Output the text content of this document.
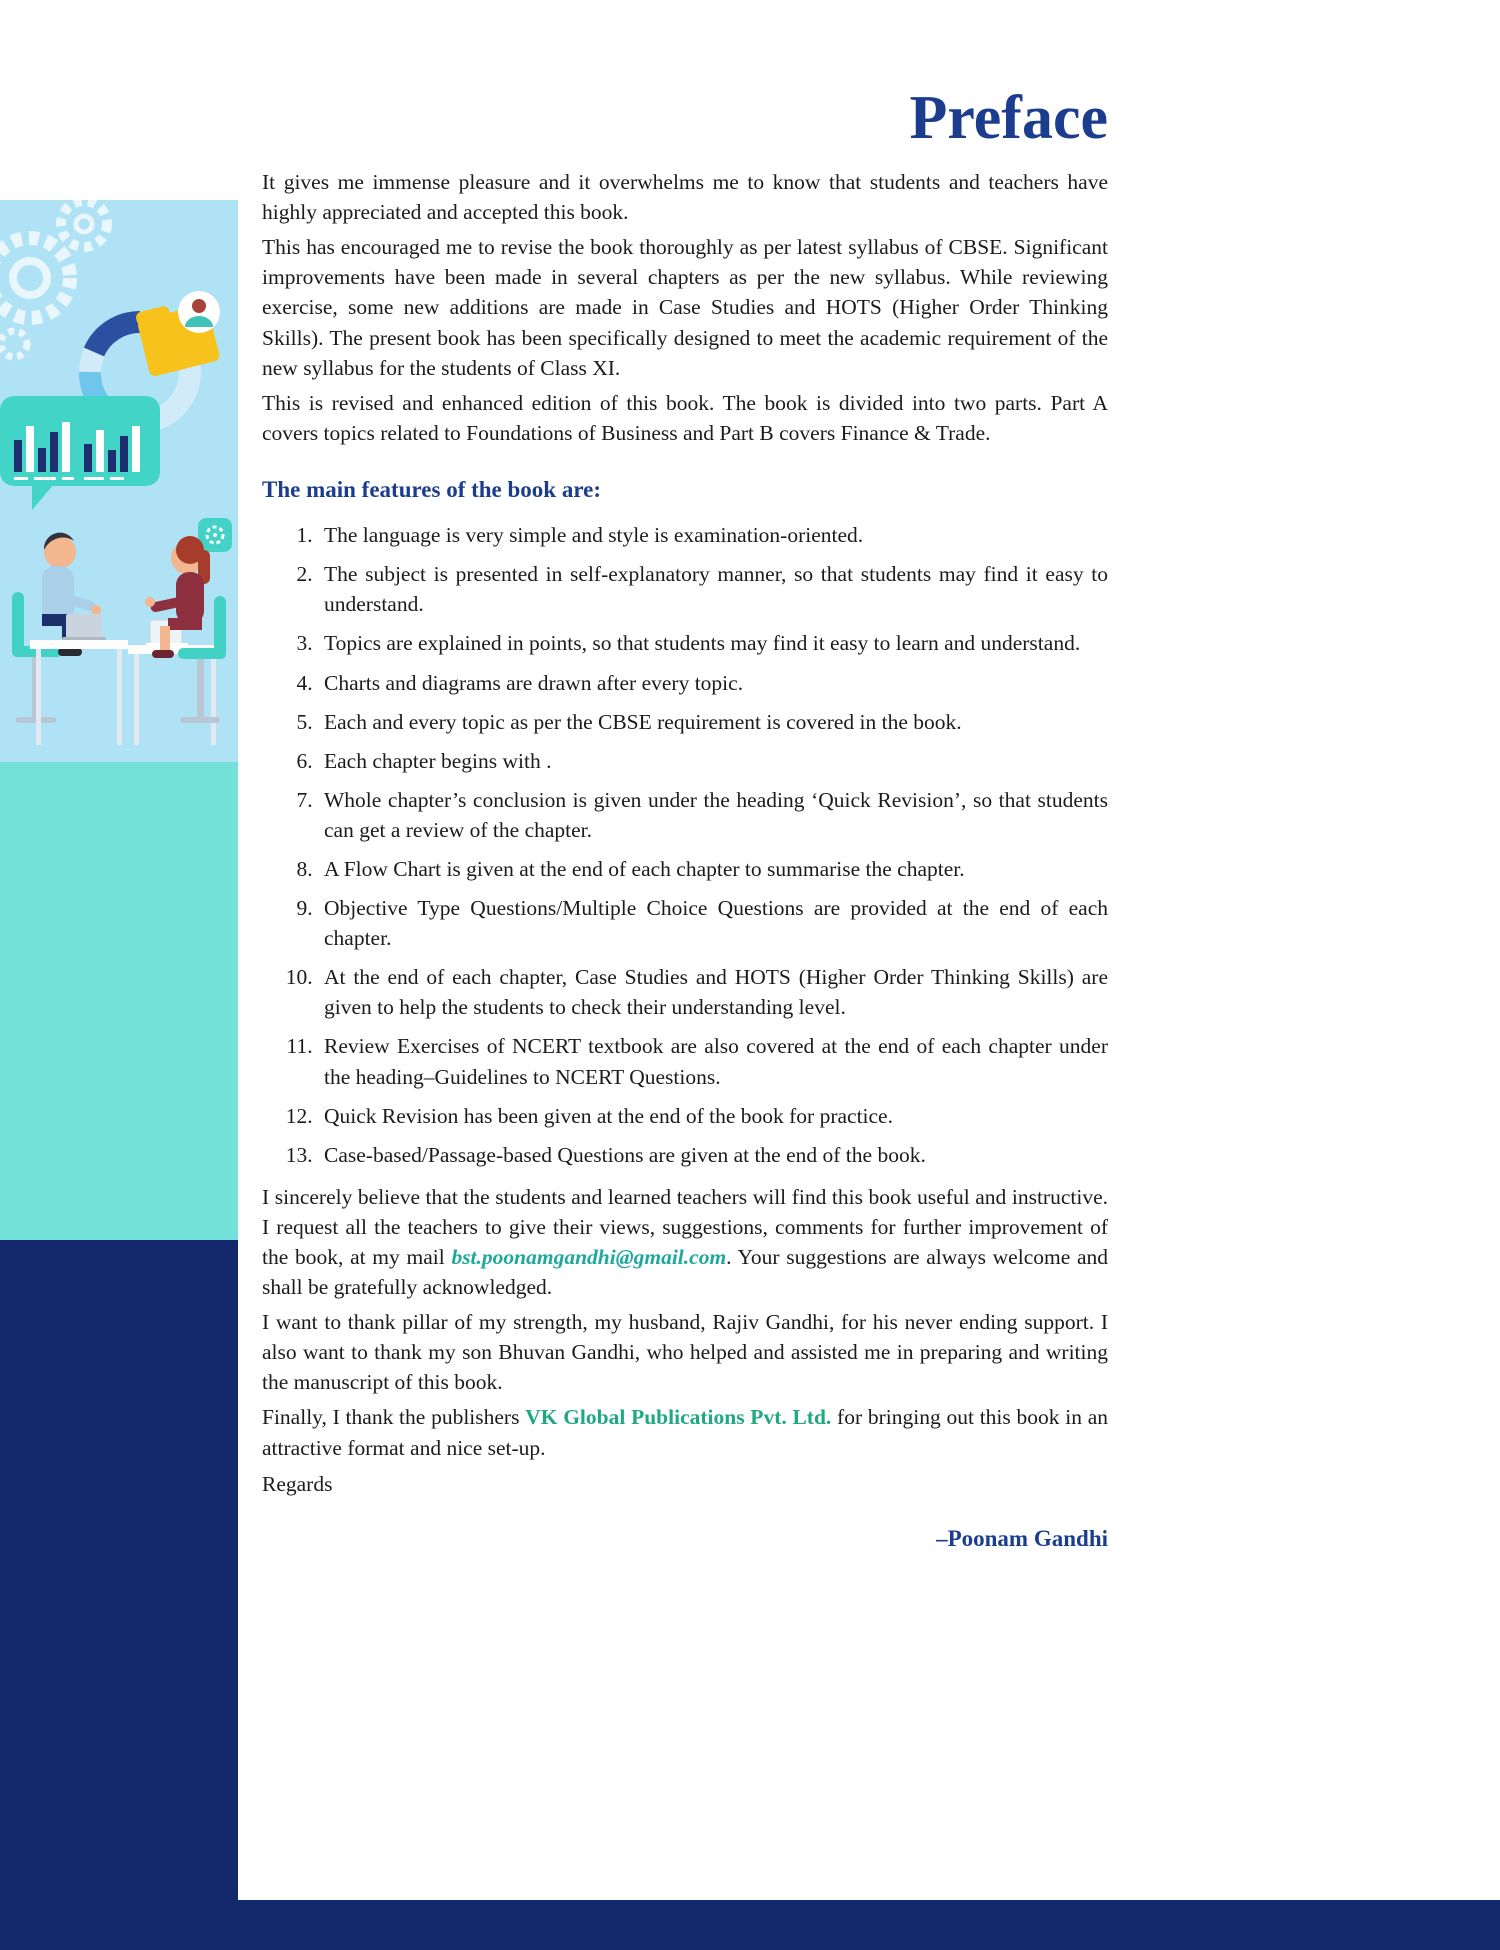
Preface

It gives me immense pleasure and it overwhelms me to know that students and teachers have highly appreciated and accepted this book.

This has encouraged me to revise the book thoroughly as per latest syllabus of CBSE. Significant improvements have been made in several chapters as per the new syllabus. While reviewing exercise, some new additions are made in Case Studies and HOTS (Higher Order Thinking Skills). The present book has been specifically designed to meet the academic requirement of the new syllabus for the students of Class XI.

This is revised and enhanced edition of this book. The book is divided into two parts. Part A covers topics related to Foundations of Business and Part B covers Finance & Trade.

The main features of the book are:
1. The language is very simple and style is examination-oriented.
2. The subject is presented in self-explanatory manner, so that students may find it easy to understand.
3. Topics are explained in points, so that students may find it easy to learn and understand.
4. Charts and diagrams are drawn after every topic.
5. Each and every topic as per the CBSE requirement is covered in the book.
6. Each chapter begins with .
7. Whole chapter’s conclusion is given under the heading ‘Quick Revision’, so that students can get a review of the chapter.
8. A Flow Chart is given at the end of each chapter to summarise the chapter.
9. Objective Type Questions/Multiple Choice Questions are provided at the end of each chapter.
10. At the end of each chapter, Case Studies and HOTS (Higher Order Thinking Skills) are given to help the students to check their understanding level.
11. Review Exercises of NCERT textbook are also covered at the end of each chapter under the heading–Guidelines to NCERT Questions.
12. Quick Revision has been given at the end of the book for practice.
13. Case-based/Passage-based Questions are given at the end of the book.

I sincerely believe that the students and learned teachers will find this book useful and instructive. I request all the teachers to give their views, suggestions, comments for further improvement of the book, at my mail bst.poonamgandhi@gmail.com. Your suggestions are always welcome and shall be gratefully acknowledged.

I want to thank pillar of my strength, my husband, Rajiv Gandhi, for his never ending support. I also want to thank my son Bhuvan Gandhi, who helped and assisted me in preparing and writing the manuscript of this book.

Finally, I thank the publishers VK Global Publications Pvt. Ltd. for bringing out this book in an attractive format and nice set-up.

Regards

–Poonam Gandhi
